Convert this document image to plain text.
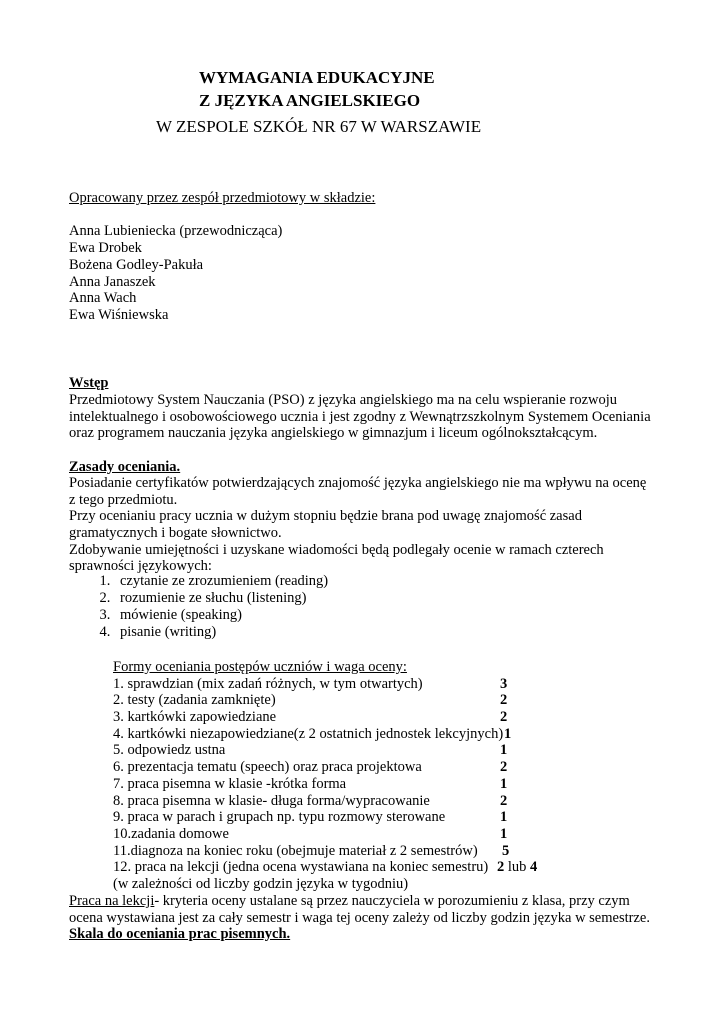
WYMAGANIA EDUKACYJNE
Z JĘZYKA ANGIELSKIEGO
W ZESPOLE SZKÓŁ NR 67 W WARSZAWIE
Opracowany przez zespół przedmiotowy w składzie:
Anna Lubieniecka (przewodnicząca)
Ewa Drobek
Bożena Godley-Pakuła
Anna Janaszek
Anna Wach
Ewa Wiśniewska
Wstęp
Przedmiotowy System Nauczania (PSO) z języka angielskiego ma na celu wspieranie rozwoju
intelektualnego i osobowościowego ucznia i jest zgodny z Wewnątrzszkolnym Systemem Oceniania
oraz programem nauczania języka angielskiego w gimnazjum i liceum ogólnokształcącym.
Zasady oceniania.
Posiadanie certyfikatów potwierdzających znajomość języka angielskiego nie ma wpływu na ocenę
z tego przedmiotu.
Przy ocenianiu pracy ucznia w dużym stopniu będzie brana pod uwagę znajomość zasad
gramatycznych i bogate słownictwo.
Zdobywanie umiejętności i uzyskane wiadomości będą podlegały ocenie w ramach czterech
sprawności językowych:
1. czytanie ze zrozumieniem (reading)
2. rozumienie ze słuchu (listening)
3. mówienie (speaking)
4. pisanie (writing)
Formy oceniania postępów uczniów i waga oceny:
1. sprawdzian (mix zadań różnych, w tym otwartych)	3
2. testy (zadania zamknięte)	2
3. kartkówki zapowiedziane	2
4. kartkówki niezapowiedziane(z 2 ostatnich jednostek lekcyjnych) 1
5. odpowiedz ustna	1
6. prezentacja tematu (speech) oraz praca projektowa	2
7. praca pisemna w klasie -krótka forma	1
8. praca pisemna w klasie- długa forma/wypracowanie	2
9. praca w parach i grupach np. typu rozmowy sterowane	1
10.zadania domowe	1
11.diagnoza na koniec roku (obejmuje materiał z 2 semestrów) 5
12. praca na lekcji (jedna ocena wystawiana na koniec semestru) 2 lub 4
(w zależności od liczby godzin języka w tygodniu)
Praca na lekcji- kryteria oceny ustalane są przez nauczyciela w porozumieniu z klasa, przy czym
ocena wystawiana jest za cały semestr i waga tej oceny zależy od liczby godzin języka w semestrze.
Skala do oceniania prac pisemnych.
